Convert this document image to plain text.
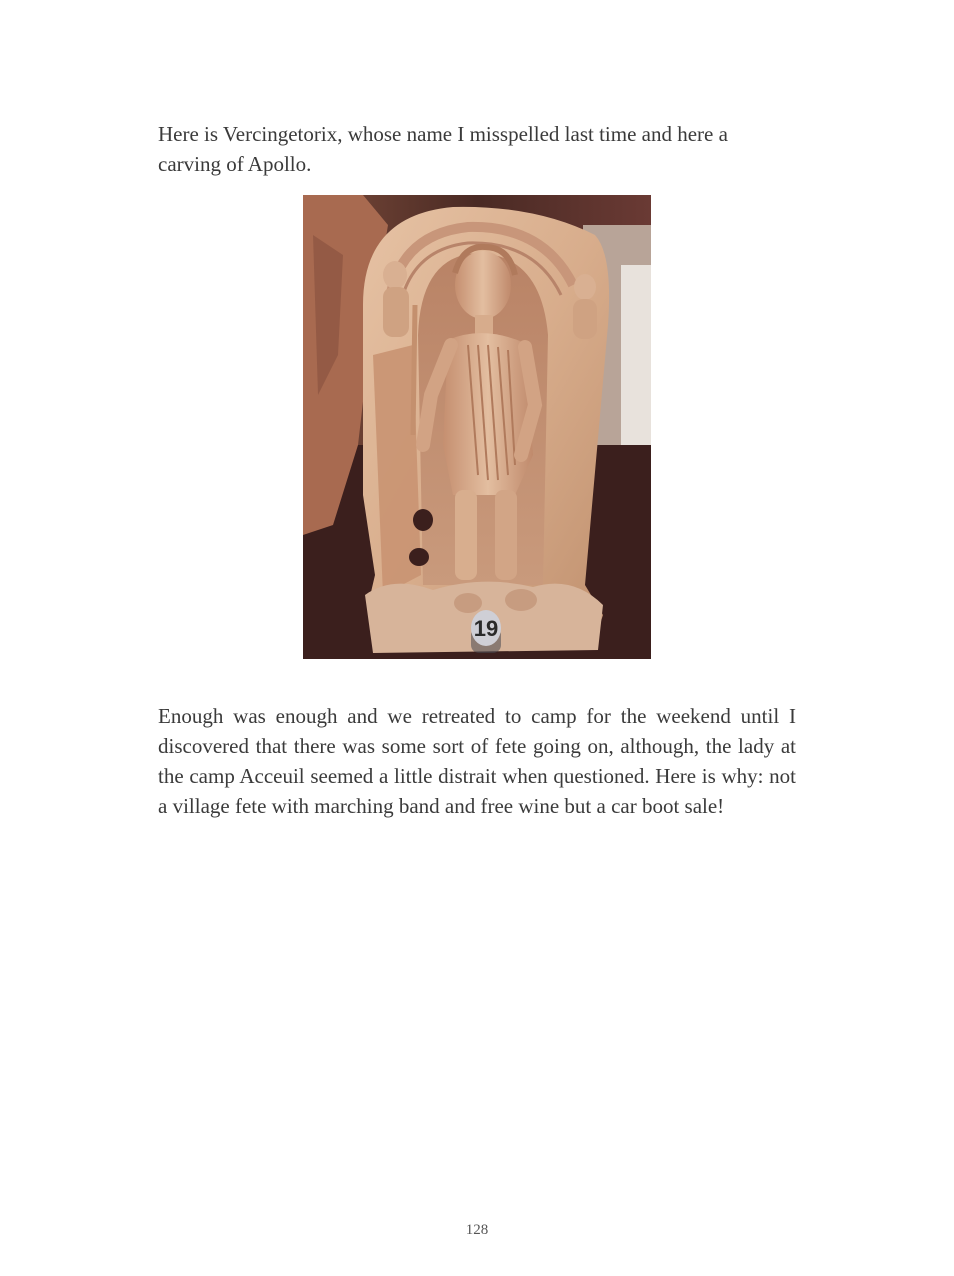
Here is Vercingetorix, whose name I misspelled last time and here a carving of Apollo.

19

Enough was enough and we retreated to camp for the weekend until I discovered that there was some sort of fete going on, although, the lady at the camp Acceuil seemed a little distrait when questioned. Here is why: not a village fete with marching band and free wine but a car boot sale!

128
